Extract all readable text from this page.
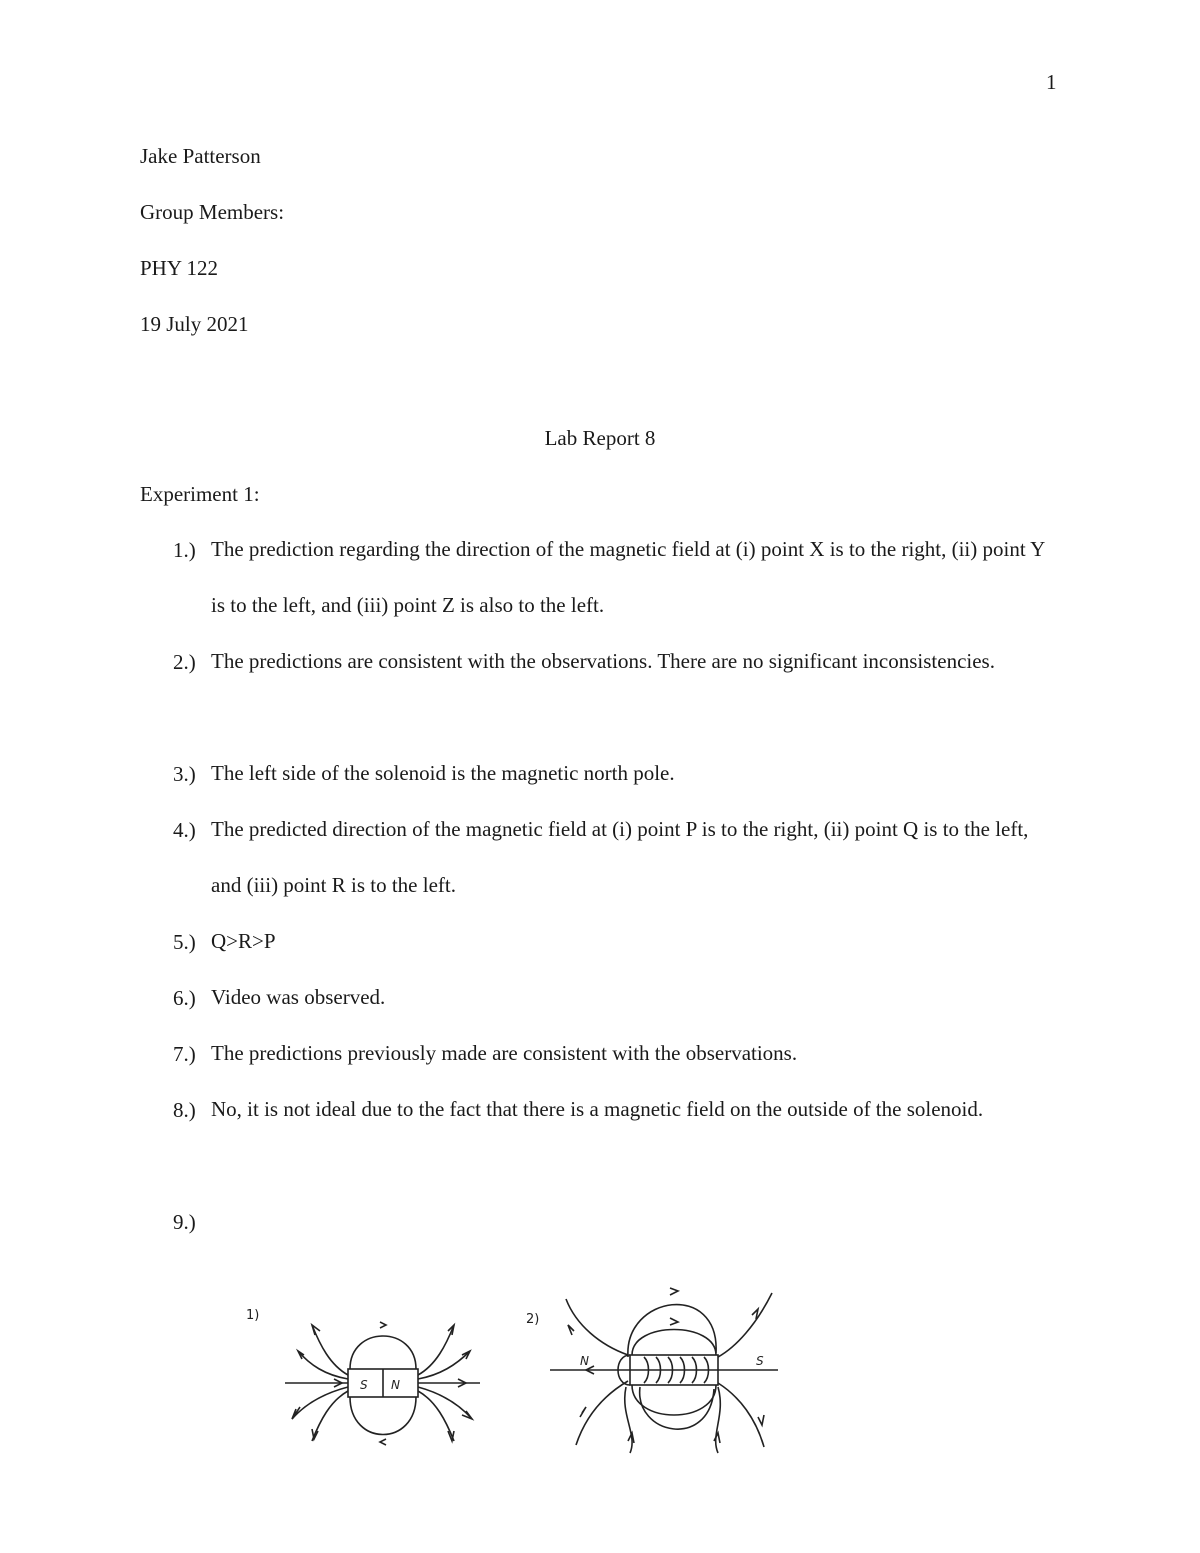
1
Jake Patterson
Group Members:
PHY 122
19 July 2021
Lab Report 8
Experiment 1:
1.) The prediction regarding the direction of the magnetic field at (i) point X is to the right, (ii) point Y is to the left, and (iii) point Z is also to the left.
2.) The predictions are consistent with the observations. There are no significant inconsistencies.
3.) The left side of the solenoid is the magnetic north pole.
4.) The predicted direction of the magnetic field at (i) point P is to the right, (ii) point Q is to the left, and (iii) point R is to the left.
5.) Q>R>P
6.) Video was observed.
7.) The predictions previously made are consistent with the observations.
8.) No, it is not ideal due to the fact that there is a magnetic field on the outside of the solenoid.
9.)
1)
S N
2)
N	S
